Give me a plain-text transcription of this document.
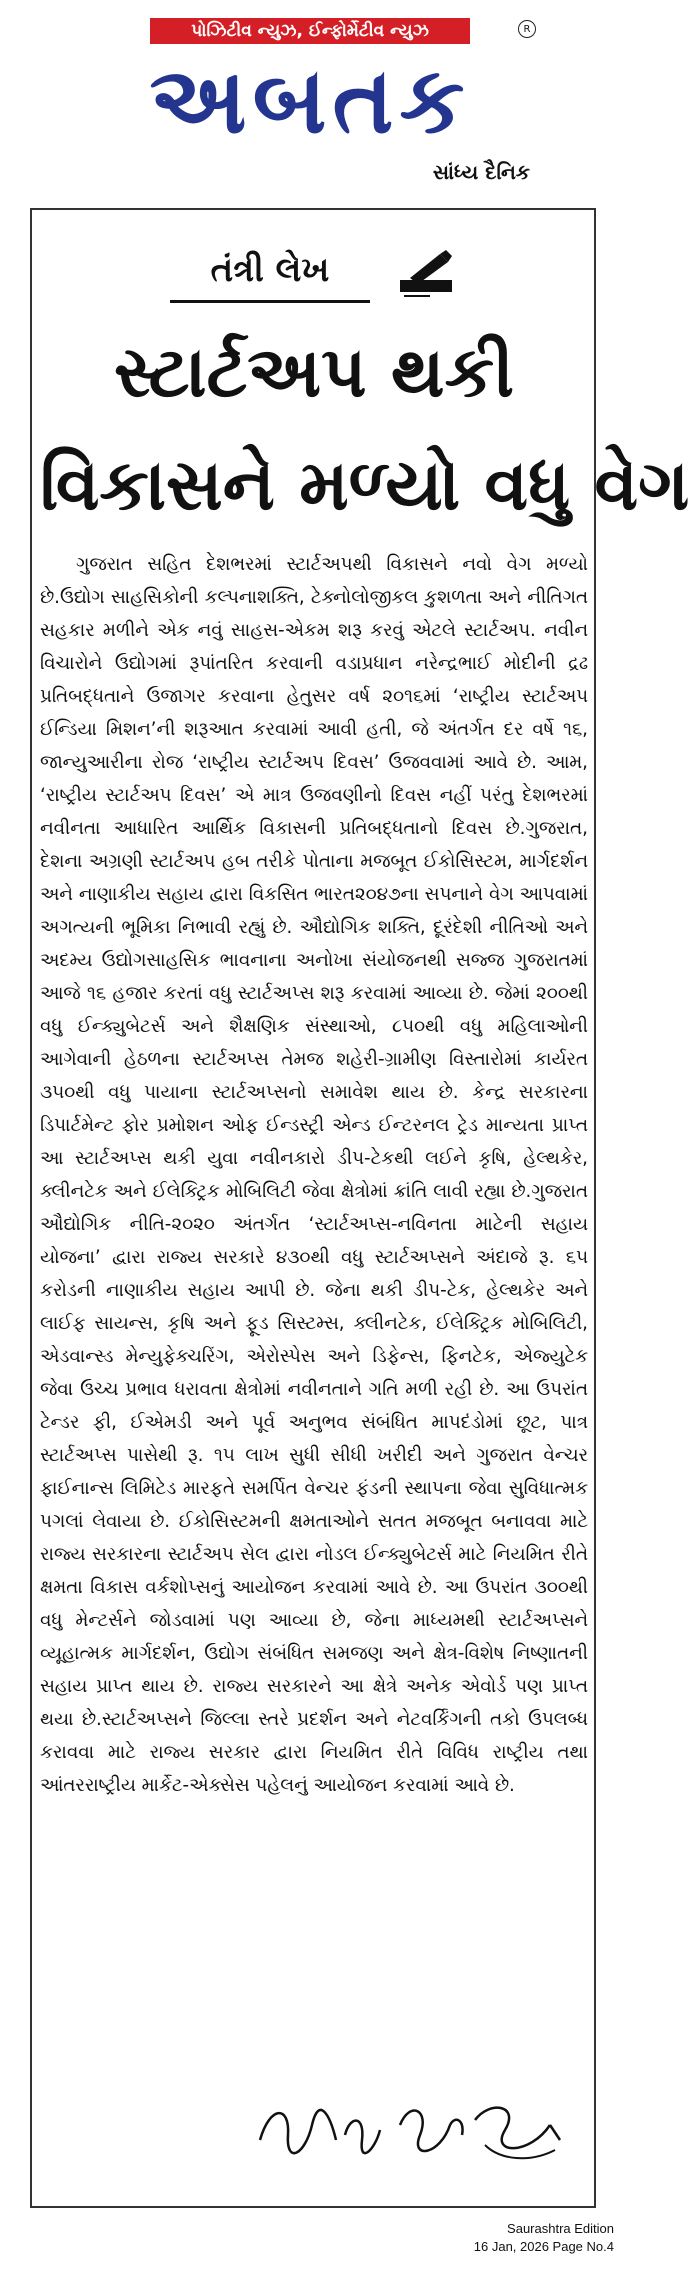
પોઝિટીવ ન્યુઝ, ઈન્ફોર્મેટીવ ન્યુઝ	R
અબતક
સાંધ્ય દૈનિક
તંત્રી લેખ
સ્ટાર્ટઅપ થકી
વિકાસને મળ્યો વધુ વેગ
ગુજરાત સહિત દેશભરમાં સ્ટાર્ટઅપથી વિકાસને નવો વેગ મળ્યો છે.ઉદ્યોગ સાહસિકોની કલ્પનાશક્તિ, ટેક્નોલોજીકલ કુશળતા અને નીતિગત સહકાર મળીને એક નવું સાહસ-એકમ શરૂ કરવું એટલે સ્ટાર્ટઅપ. નવીન વિચારોને ઉદ્યોગમાં રૂપાંતરિત કરવાની વડાપ્રધાન નરેન્દ્રભાઈ મોદીની દ્રઢ પ્રતિબદ્ધતાને ઉજાગર કરવાના હેતુસર વર્ષ ૨૦૧૬માં ‘રાષ્ટ્રીય સ્ટાર્ટઅપ ઈન્ડિયા મિશન’ની શરૂઆત કરવામાં આવી હતી, જે અંતર્ગત દર વર્ષે ૧૬, જાન્યુઆરીના રોજ ‘રાષ્ટ્રીય સ્ટાર્ટઅપ દિવસ’ ઉજવવામાં આવે છે. આમ, ‘રાષ્ટ્રીય સ્ટાર્ટઅપ દિવસ’ એ માત્ર ઉજવણીનો દિવસ નહીં પરંતુ દેશભરમાં નવીનતા આધારિત આર્થિક વિકાસની પ્રતિબદ્ધતાનો દિવસ છે.ગુજરાત, દેશના અગ્રણી સ્ટાર્ટઅપ હબ તરીકે પોતાના મજબૂત ઈકોસિસ્ટમ, માર્ગદર્શન અને નાણાકીય સહાય દ્વારા વિકસિત ભારત૨૦૪૭ના સપનાને વેગ આપવામાં અગત્યની ભૂમિકા નિભાવી રહ્યું છે. ઔદ્યોગિક શક્તિ, દૂરંદેશી નીતિઓ અને અદમ્ય ઉદ્યોગસાહસિક ભાવનાના અનોખા સંયોજનથી સજ્જ ગુજરાતમાં આજે ૧૬ હજાર કરતાં વધુ સ્ટાર્ટઅપ્સ શરૂ કરવામાં આવ્યા છે. જેમાં ૨૦૦થી વધુ ઈન્ક્યુબેટર્સ અને શૈક્ષણિક સંસ્થાઓ, ૮૫૦થી વધુ મહિલાઓની આગેવાની હેઠળના સ્ટાર્ટઅપ્સ તેમજ શહેરી-ગ્રામીણ વિસ્તારોમાં કાર્યરત ૩૫૦થી વધુ પાયાના સ્ટાર્ટઅપ્સનો સમાવેશ થાય છે. કેન્દ્ર સરકારના ડિપાર્ટમેન્ટ ફોર પ્રમોશન ઓફ ઈન્ડસ્ટ્રી એન્ડ ઈન્ટરનલ ટ્રેડ માન્યતા પ્રાપ્ત આ સ્ટાર્ટઅપ્સ થકી યુવા નવીનકારો ડીપ-ટેકથી લઈને કૃષિ, હેલ્થકેર, ક્લીનટેક અને ઈલેક્ટ્રિક મોબિલિટી જેવા ક્ષેત્રોમાં ક્રાંતિ લાવી રહ્યા છે.ગુજરાત ઔદ્યોગિક નીતિ-૨૦૨૦ અંતર્ગત ‘સ્ટાર્ટઅપ્સ-નવિનતા માટેની સહાય યોજના’ દ્વારા રાજ્ય સરકારે ૪૩૦થી વધુ સ્ટાર્ટઅપ્સને અંદાજે રૂ. ૬૫ કરોડની નાણાકીય સહાય આપી છે. જેના થકી ડીપ-ટેક, હેલ્થકેર અને લાઈફ સાયન્સ, કૃષિ અને ફૂડ સિસ્ટમ્સ, ક્લીનટેક, ઈલેક્ટ્રિક મોબિલિટી, એડવાન્સ્ડ મેન્યુફેક્ચરિંગ, એરોસ્પેસ અને ડિફેન્સ, ફિનટેક, એજ્યુટેક જેવા ઉચ્ચ પ્રભાવ ધરાવતા ક્ષેત્રોમાં નવીનતાને ગતિ મળી રહી છે. આ ઉપરાંત ટેન્ડર ફી, ઈએમડી અને પૂર્વ અનુભવ સંબંધિત માપદંડોમાં છૂટ, પાત્ર સ્ટાર્ટઅપ્સ પાસેથી રૂ. ૧૫ લાખ સુધી સીધી ખરીદી અને ગુજરાત વેન્ચર ફાઈનાન્સ લિમિટેડ મારફતે સમર્પિત વેન્ચર ફંડની સ્થાપના જેવા સુવિધાત્મક પગલાં લેવાયા છે. ઈકોસિસ્ટમની ક્ષમતાઓને સતત મજબૂત બનાવવા માટે રાજ્ય સરકારના સ્ટાર્ટઅપ સેલ દ્વારા નોડલ ઈન્ક્યુબેટર્સ માટે નિયમિત રીતે ક્ષમતા વિકાસ વર્કશોપ્સનું આયોજન કરવામાં આવે છે. આ ઉપરાંત ૩૦૦થી વધુ મેન્ટર્સને જોડવામાં પણ આવ્યા છે, જેના માધ્યમથી સ્ટાર્ટઅપ્સને વ્યૂહાત્મક માર્ગદર્શન, ઉદ્યોગ સંબંધિત સમજણ અને ક્ષેત્ર-વિશેષ નિષ્ણાતની સહાય પ્રાપ્ત થાય છે. રાજ્ય સરકારને આ ક્ષેત્રે અનેક એવોર્ડ પણ પ્રાપ્ત થયા છે.સ્ટાર્ટઅપ્સને જિલ્લા સ્તરે પ્રદર્શન અને નેટવર્કિંગની તકો ઉપલબ્ધ કરાવવા માટે રાજ્ય સરકાર દ્વારા નિયમિત રીતે વિવિધ રાષ્ટ્રીય તથા આંતરરાષ્ટ્રીય માર્કેટ-એક્સેસ પહેલનું આયોજન કરવામાં આવે છે.
Saurashtra Edition
16 Jan, 2026 Page No.4
